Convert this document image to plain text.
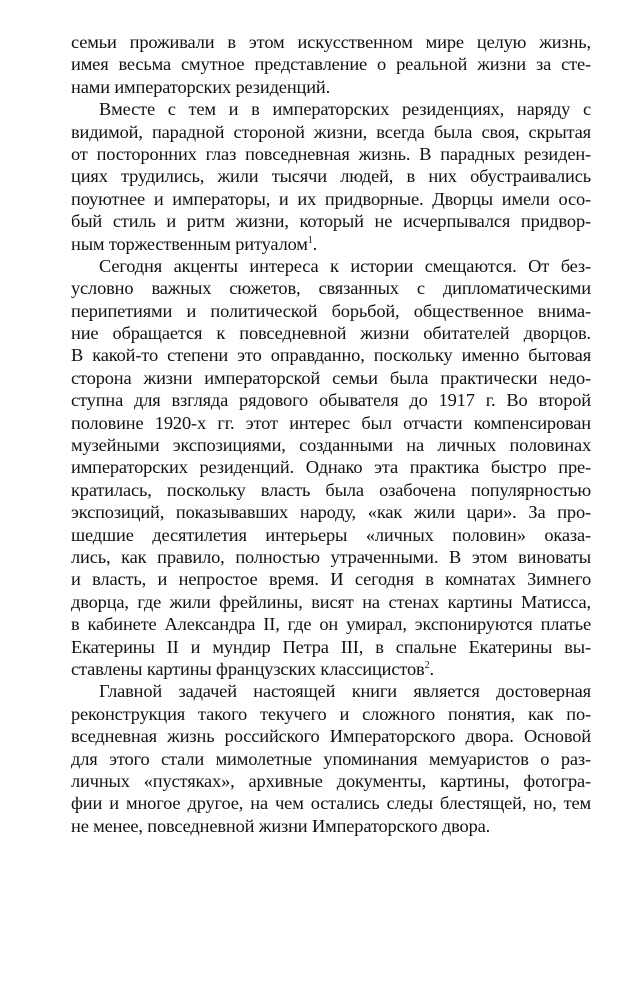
семьи проживали в этом искусственном мире целую жизнь,
имея весьма смутное представление о реальной жизни за сте-
нами императорских резиденций.
Вместе с тем и в императорских резиденциях, наряду с
видимой, парадной стороной жизни, всегда была своя, скрытая
от посторонних глаз повседневная жизнь. В парадных резиден-
циях трудились, жили тысячи людей, в них обустраивались
поуютнее и императоры, и их придворные. Дворцы имели осо-
бый стиль и ритм жизни, который не исчерпывался придвор-
ным торжественным ритуалом$^1$.
Сегодня акценты интереса к истории смещаются. От без-
условно важных сюжетов, связанных с дипломатическими
перипетиями и политической борьбой, общественное внима-
ние обращается к повседневной жизни обитателей дворцов.
В какой-то степени это оправданно, поскольку именно бытовая
сторона жизни императорской семьи была практически недо-
ступна для взгляда рядового обывателя до 1917 г. Во второй
половине 1920-х гг. этот интерес был отчасти компенсирован
музейными экспозициями, созданными на личных половинах
императорских резиденций. Однако эта практика быстро пре-
кратилась, поскольку власть была озабочена популярностью
экспозиций, показывавших народу, «как жили цари». За про-
шедшие десятилетия интерьеры «личных половин» оказа-
лись, как правило, полностью утраченными. В этом виноваты
и власть, и непростое время. И сегодня в комнатах Зимнего
дворца, где жили фрейлины, висят на стенах картины Матисса,
в кабинете Александра II, где он умирал, экспонируются платье
Екатерины II и мундир Петра III, в спальне Екатерины вы-
ставлены картины французских классицистов$^2$.
Главной задачей настоящей книги является достоверная
реконструкция такого текучего и сложного понятия, как по-
вседневная жизнь российского Императорского двора. Основой
для этого стали мимолетные упоминания мемуаристов о раз-
личных «пустяках», архивные документы, картины, фотогра-
фии и многое другое, на чем остались следы блестящей, но, тем
не менее, повседневной жизни Императорского двора.
